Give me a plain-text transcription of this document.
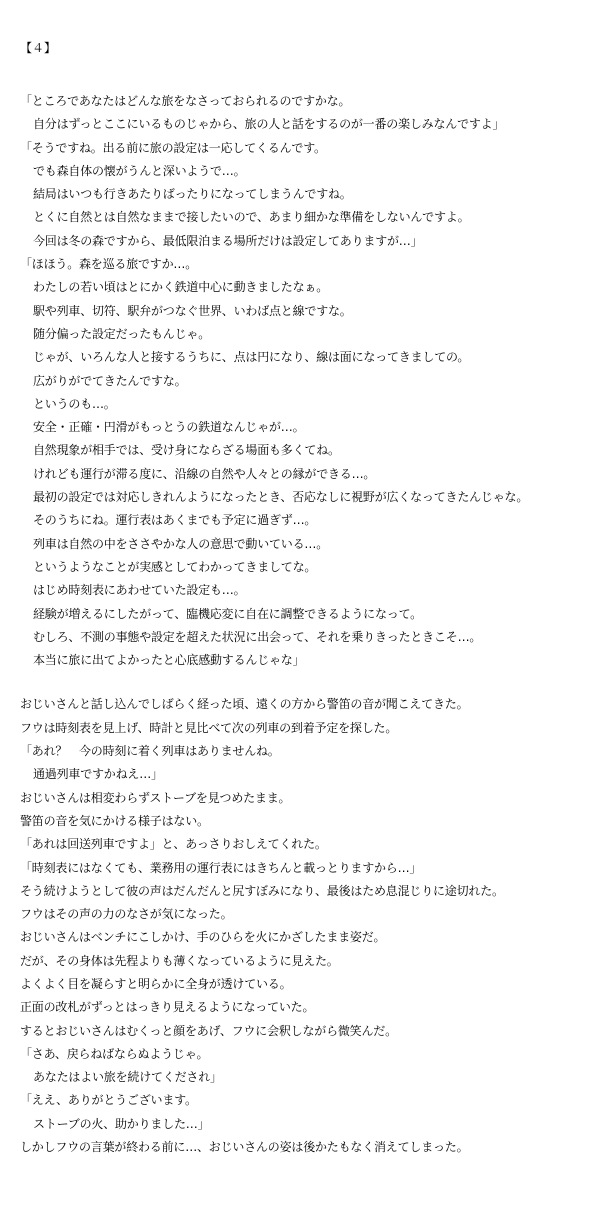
【４】
「ところであなたはどんな旅をなさっておられるのですかな。
自分はずっとここにいるものじゃから、旅の人と話をするのが一番の楽しみなんですよ」
「そうですね。出る前に旅の設定は一応してくるんです。
でも森自体の懐がうんと深いようで…。
結局はいつも行きあたりばったりになってしまうんですね。
とくに自然とは自然なままで接したいので、あまり細かな準備をしないんですよ。
今回は冬の森ですから、最低限泊まる場所だけは設定してありますが…」
「ほほう。森を巡る旅ですか…。
わたしの若い頃はとにかく鉄道中心に動きましたなぁ。
駅や列車、切符、駅弁がつなぐ世界、いわば点と線ですな。
随分偏った設定だったもんじゃ。
じゃが、いろんな人と接するうちに、点は円になり、線は面になってきましての。
広がりがでてきたんですな。
というのも…。
安全・正確・円滑がもっとうの鉄道なんじゃが…。
自然現象が相手では、受け身にならざる場面も多くてね。
けれども運行が滞る度に、沿線の自然や人々との縁ができる…。
最初の設定では対応しきれんようになったとき、否応なしに視野が広くなってきたんじゃな。
そのうちにね。運行表はあくまでも予定に過ぎず…。
列車は自然の中をささやかな人の意思で動いている…。
というようなことが実感としてわかってきましてな。
はじめ時刻表にあわせていた設定も…。
経験が増えるにしたがって、臨機応変に自在に調整できるようになって。
むしろ、不測の事態や設定を超えた状況に出会って、それを乗りきったときこそ…。
本当に旅に出てよかったと心底感動するんじゃな」
おじいさんと話し込んでしばらく経った頃、遠くの方から警笛の音が聞こえてきた。
フウは時刻表を見上げ、時計と見比べて次の列車の到着予定を探した。
「あれ？　今の時刻に着く列車はありませんね。
通過列車ですかねえ…」
おじいさんは相変わらずストーブを見つめたまま。
警笛の音を気にかける様子はない。
「あれは回送列車ですよ」と、あっさりおしえてくれた。
「時刻表にはなくても、業務用の運行表にはきちんと載っとりますから…」
そう続けようとして彼の声はだんだんと尻すぼみになり、最後はため息混じりに途切れた。
フウはその声の力のなさが気になった。
おじいさんはベンチにこしかけ、手のひらを火にかざしたまま姿だ。
だが、その身体は先程よりも薄くなっているように見えた。
よくよく目を凝らすと明らかに全身が透けている。
正面の改札がずっとはっきり見えるようになっていた。
するとおじいさんはむくっと顔をあげ、フウに会釈しながら微笑んだ。
「さあ、戻らねばならぬようじゃ。
あなたはよい旅を続けてくだされ」
「ええ、ありがとうございます。
ストーブの火、助かりました…」
しかしフウの言葉が終わる前に…、おじいさんの姿は後かたもなく消えてしまった。
